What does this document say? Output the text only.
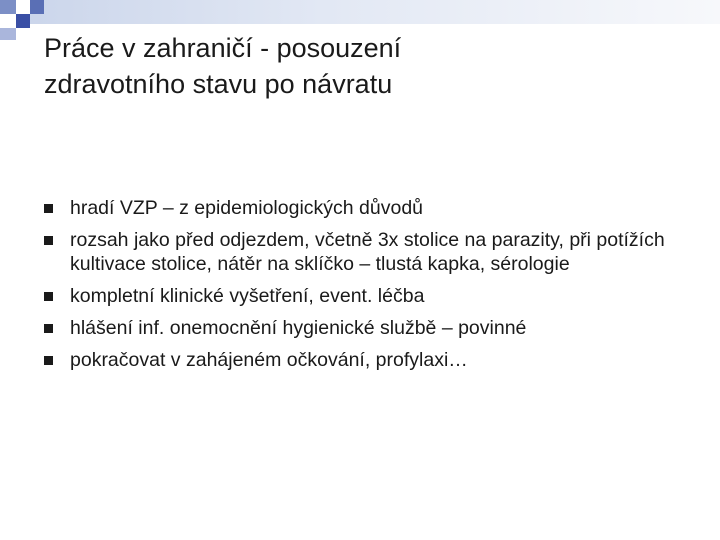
Práce v zahraničí - posouzení
zdravotního stavu po návratu
hradí VZP – z epidemiologických důvodů
rozsah jako před odjezdem, včetně 3x stolice na parazity, při potížích kultivace stolice, nátěr na sklíčko – tlustá kapka, sérologie
kompletní klinické vyšetření, event. léčba
hlášení inf. onemocnění hygienické službě – povinné
pokračovat v zahájeném očkování, profylaxi…
